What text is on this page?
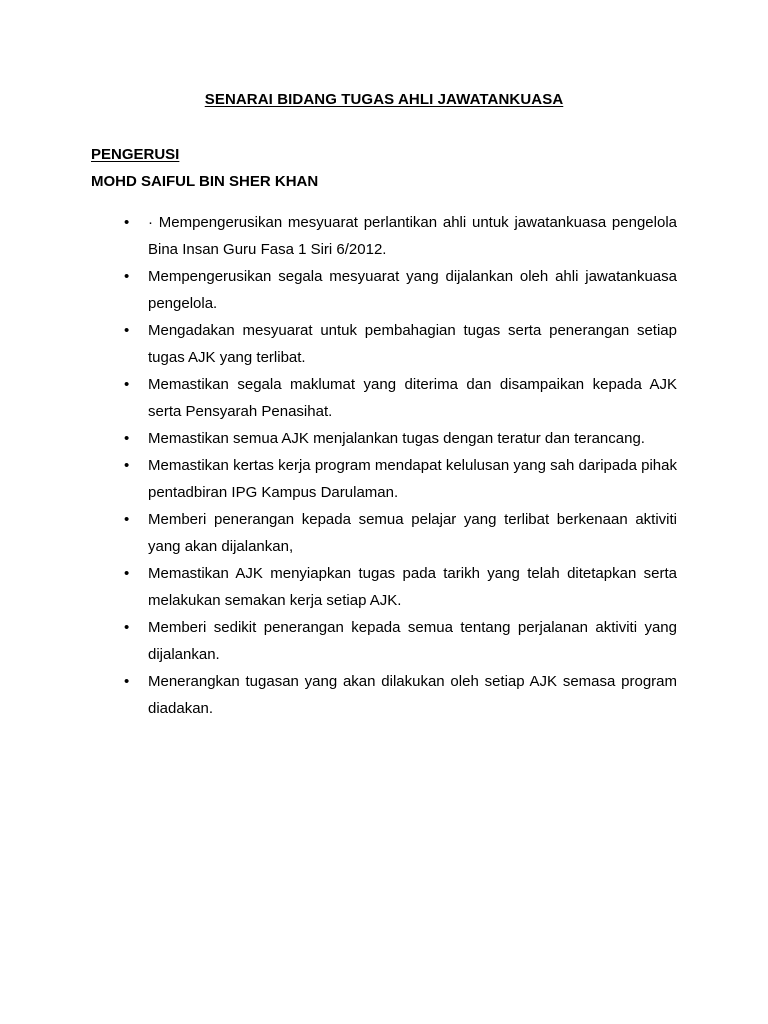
SENARAI BIDANG TUGAS AHLI JAWATANKUASA
PENGERUSI
MOHD SAIFUL BIN SHER KHAN
• · Mempengerusikan mesyuarat perlantikan ahli untuk jawatankuasa pengelola Bina Insan Guru Fasa 1 Siri 6/2012.
• Mempengerusikan segala mesyuarat yang dijalankan oleh ahli jawatankuasa pengelola.
• Mengadakan mesyuarat untuk pembahagian tugas serta penerangan setiap tugas AJK yang terlibat.
• Memastikan segala maklumat yang diterima dan disampaikan kepada AJK serta Pensyarah Penasihat.
• Memastikan semua AJK menjalankan tugas dengan teratur dan terancang.
• Memastikan kertas kerja program mendapat kelulusan yang sah daripada pihak pentadbiran IPG Kampus Darulaman.
• Memberi penerangan kepada semua pelajar yang terlibat berkenaan aktiviti yang akan dijalankan,
• Memastikan AJK menyiapkan tugas pada tarikh yang telah ditetapkan serta melakukan semakan kerja setiap AJK.
• Memberi sedikit penerangan kepada semua tentang perjalanan aktiviti yang dijalankan.
• Menerangkan tugasan yang akan dilakukan oleh setiap AJK semasa program diadakan.
